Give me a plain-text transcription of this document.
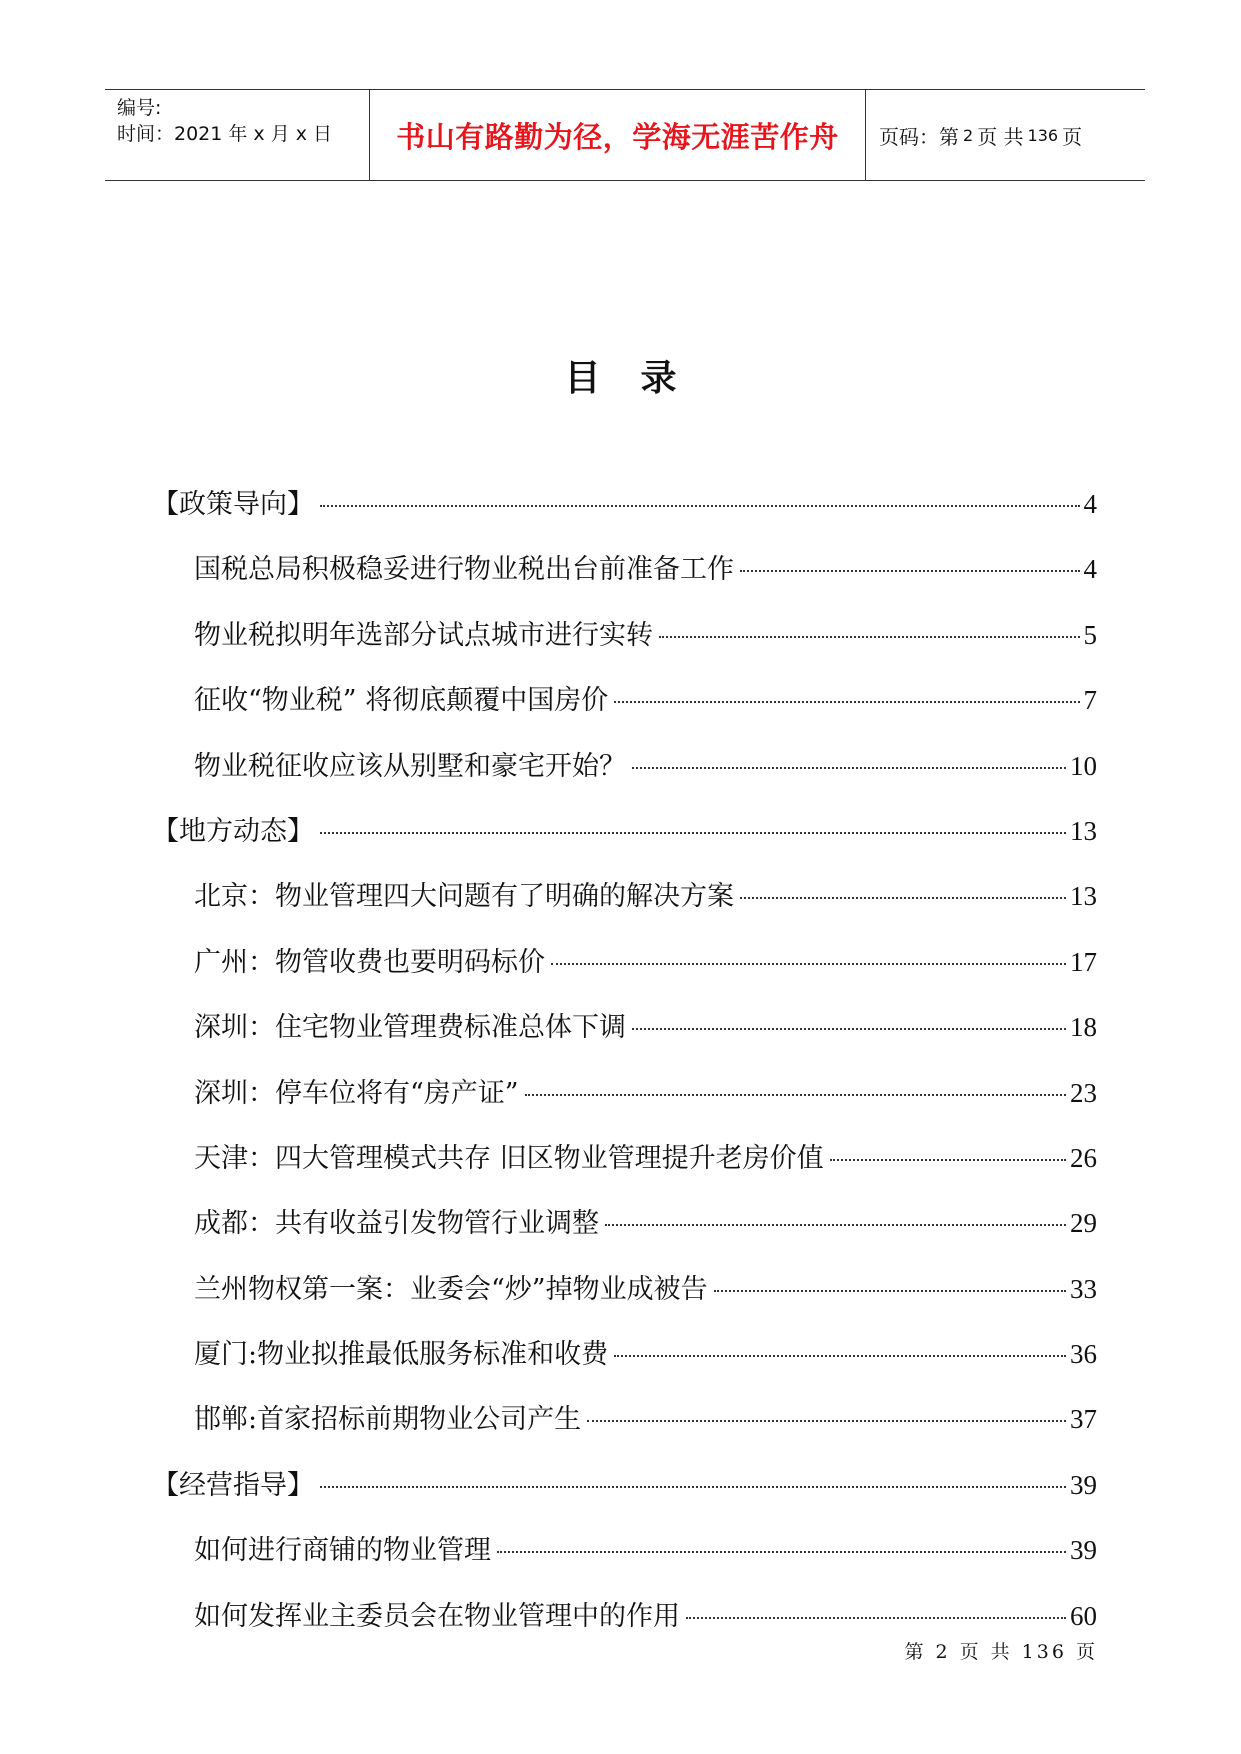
编号:
时间：2021 年 x 月 x 日	书山有路勤为径，学海无涯苦作舟 页码：第 2 页 共 136 页
目录
【政策导向】	4
国税总局积极稳妥进行物业税出台前准备工作	4
物业税拟明年选部分试点城市进行实转	5
征收“物业税” 将彻底颠覆中国房价	7
物业税征收应该从别墅和豪宅开始？	10
【地方动态】	13
北京：物业管理四大问题有了明确的解决方案	13
广州：物管收费也要明码标价	17
深圳：住宅物业管理费标准总体下调	18
深圳：停车位将有“房产证”	23
天津：四大管理模式共存 旧区物业管理提升老房价值	26
成都：共有收益引发物管行业调整	29
兰州物权第一案：业委会“炒”掉物业成被告	33
厦门:物业拟推最低服务标准和收费	36
邯郸:首家招标前期物业公司产生	37
【经营指导】	39
如何进行商铺的物业管理	39
如何发挥业主委员会在物业管理中的作用	60
第 2 页 共 136 页
